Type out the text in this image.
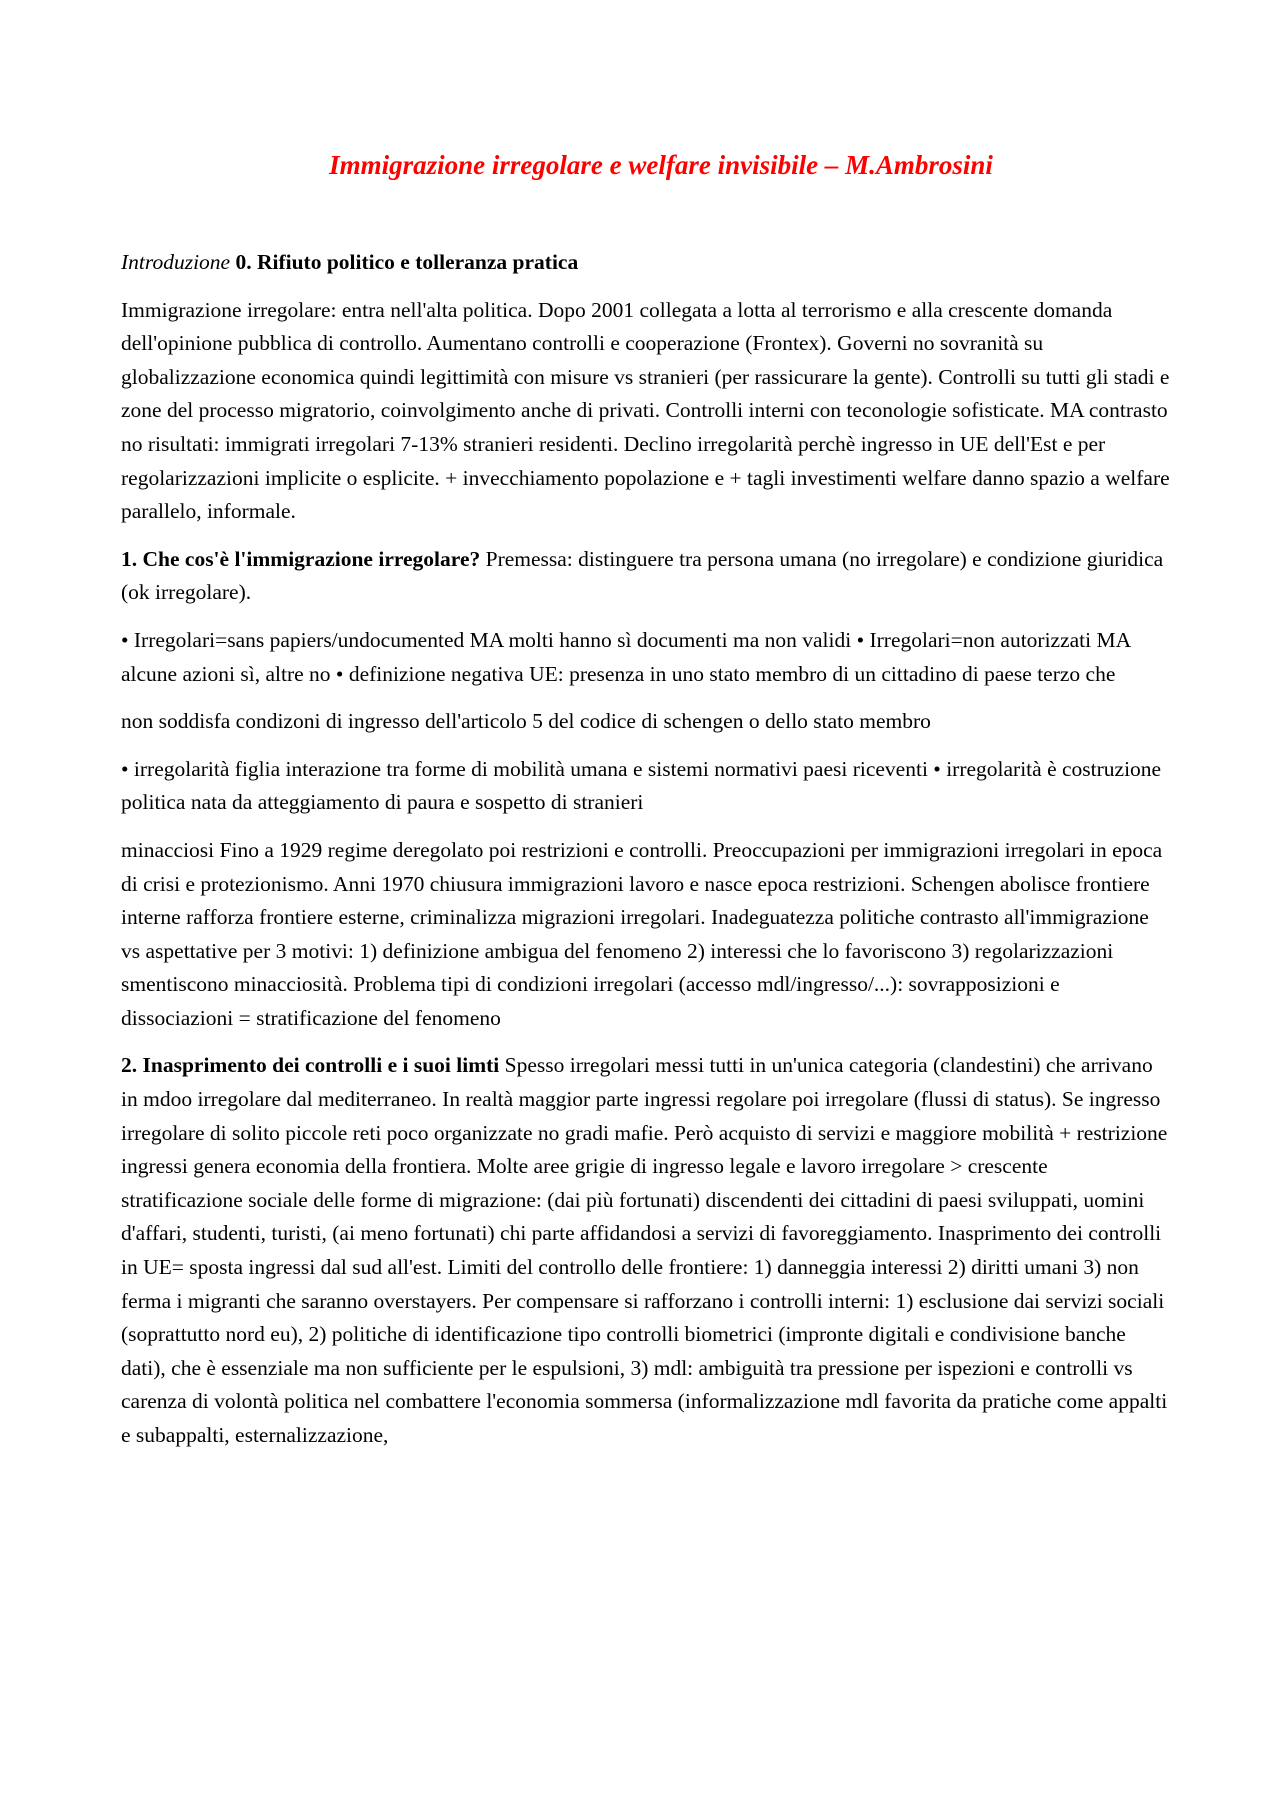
Immigrazione irregolare e welfare invisibile – M.Ambrosini

Introduzione 0. Rifiuto politico e tolleranza pratica

Immigrazione irregolare: entra nell'alta politica. Dopo 2001 collegata a lotta al terrorismo e alla crescente domanda dell'opinione pubblica di controllo. Aumentano controlli e cooperazione (Frontex). Governi no sovranità su globalizzazione economica quindi legittimità con misure vs stranieri (per rassicurare la gente). Controlli su tutti gli stadi e zone del processo migratorio, coinvolgimento anche di privati. Controlli interni con teconologie sofisticate. MA contrasto no risultati: immigrati irregolari 7-13% stranieri residenti. Declino irregolarità perchè ingresso in UE dell'Est e per regolarizzazioni implicite o esplicite. + invecchiamento popolazione e + tagli investimenti welfare danno spazio a welfare parallelo, informale.

1. Che cos'è l'immigrazione irregolare? Premessa: distinguere tra persona umana (no irregolare) e condizione giuridica (ok irregolare).

• Irregolari=sans papiers/undocumented MA molti hanno sì documenti ma non validi • Irregolari=non autorizzati MA alcune azioni sì, altre no • definizione negativa UE: presenza in uno stato membro di un cittadino di paese terzo che

non soddisfa condizoni di ingresso dell'articolo 5 del codice di schengen o dello stato membro

• irregolarità figlia interazione tra forme di mobilità umana e sistemi normativi paesi riceventi • irregolarità è costruzione politica nata da atteggiamento di paura e sospetto di stranieri

minacciosi Fino a 1929 regime deregolato poi restrizioni e controlli. Preoccupazioni per immigrazioni irregolari in epoca di crisi e protezionismo. Anni 1970 chiusura immigrazioni lavoro e nasce epoca restrizioni. Schengen abolisce frontiere interne rafforza frontiere esterne, criminalizza migrazioni irregolari. Inadeguatezza politiche contrasto all'immigrazione vs aspettative per 3 motivi: 1) definizione ambigua del fenomeno 2) interessi che lo favoriscono 3) regolarizzazioni smentiscono minacciosità. Problema tipi di condizioni irregolari (accesso mdl/ingresso/...): sovrapposizioni e dissociazioni = stratificazione del fenomeno

2. Inasprimento dei controlli e i suoi limti Spesso irregolari messi tutti in un'unica categoria (clandestini) che arrivano in mdoo irregolare dal mediterraneo. In realtà maggior parte ingressi regolare poi irregolare (flussi di status). Se ingresso irregolare di solito piccole reti poco organizzate no gradi mafie. Però acquisto di servizi e maggiore mobilità + restrizione ingressi genera economia della frontiera. Molte aree grigie di ingresso legale e lavoro irregolare > crescente stratificazione sociale delle forme di migrazione: (dai più fortunati) discendenti dei cittadini di paesi sviluppati, uomini d'affari, studenti, turisti, (ai meno fortunati) chi parte affidandosi a servizi di favoreggiamento. Inasprimento dei controlli in UE= sposta ingressi dal sud all'est. Limiti del controllo delle frontiere: 1) danneggia interessi 2) diritti umani 3) non ferma i migranti che saranno overstayers. Per compensare si rafforzano i controlli interni: 1) esclusione dai servizi sociali (soprattutto nord eu), 2) politiche di identificazione tipo controlli biometrici (impronte digitali e condivisione banche dati), che è essenziale ma non sufficiente per le espulsioni, 3) mdl: ambiguità tra pressione per ispezioni e controlli vs carenza di volontà politica nel combattere l'economia sommersa (informalizzazione mdl favorita da pratiche come appalti e subappalti, esternalizzazione,
